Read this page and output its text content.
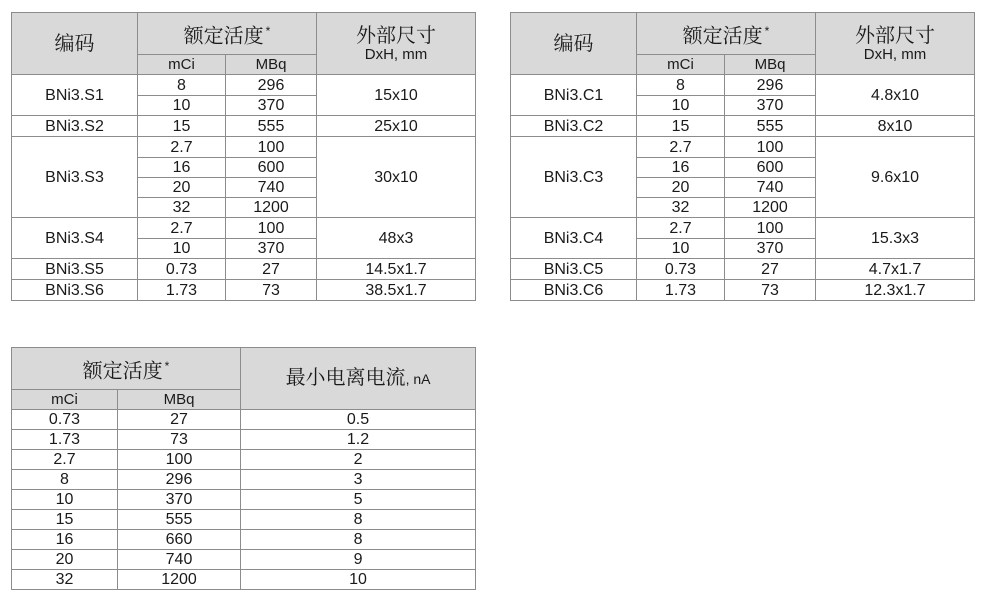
编码	额定活度 *		外部尺寸
DxH, mm

	mCi	MBq	
BNi3.S1	8	296	15x10
	10	370	
BNi3.S2	15	555	25x10
BNi3.S3	2.7	100	30x10
	16	600	
	20	740	
	32	1200	
BNi3.S4	2.7	100	48x3
	10	370	
BNi3.S5	0.73	27	14.5x1.7
BNi3.S6	1.73	73	38.5x1.7
编码	额定活度 *		外部尺寸
DxH, mm

	mCi	MBq	
BNi3.C1	8	296	4.8x10
	10	370	
BNi3.C2	15	555	8x10
BNi3.C3	2.7	100	9.6x10
	16	600	
	20	740	
	32	1200	
BNi3.C4	2.7	100	15.3x3
	10	370	
BNi3.C5	0.73	27	4.7x1.7
BNi3.C6	1.73	73	12.3x1.7
额定活度 *		最小电离电流, nA
mCi	MBq	
0.73	27	0.5
1.73	73	1.2
2.7	100	2
8	296	3
10	370	5
15	555	8
16	660	8
20	740	9
32	1200	10
